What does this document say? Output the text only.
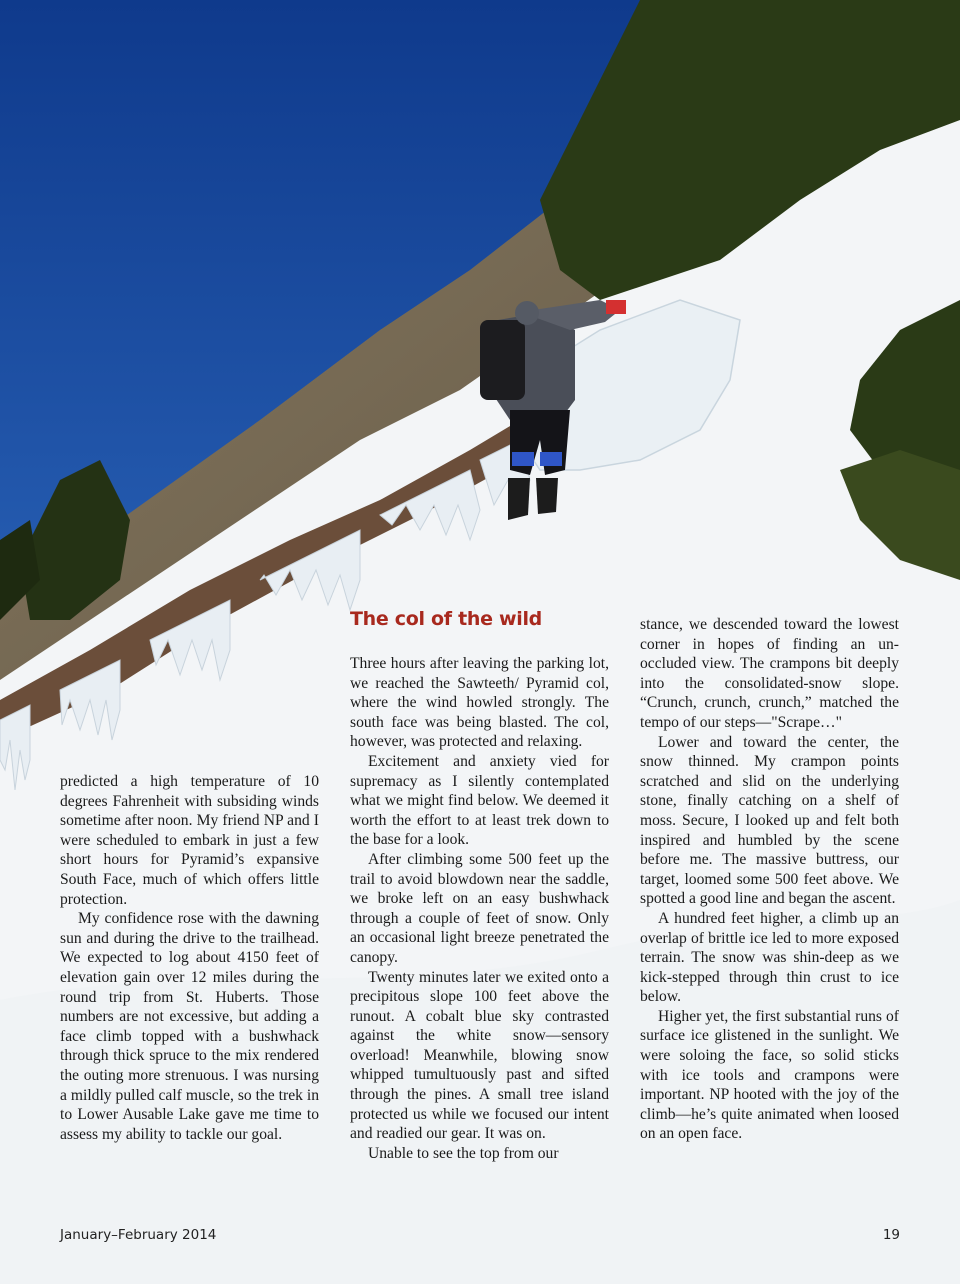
predicted a high temperature of 10 degrees Fahrenheit with subsiding winds sometime after noon. My friend NP and I were scheduled to embark in just a few short hours for Pyramid’s expansive South Face, much of which offers little protection.

My confidence rose with the dawning sun and during the drive to the trailhead. We expected to log about 4150 feet of elevation gain over 12 miles during the round trip from St. Huberts. Those numbers are not excessive, but adding a face climb topped with a bushwhack through thick spruce to the mix rendered the outing more strenuous. I was nursing a mildly pulled calf muscle, so the trek in to Lower Ausable Lake gave me time to assess my ability to tackle our goal.

The col of the wild

Three hours after leaving the parking lot, we reached the Sawteeth/ Pyramid col, where the wind howled strongly. The south face was being blasted. The col, however, was protected and relaxing.

Excitement and anxiety vied for supremacy as I silently contemplated what we might find below. We deemed it worth the effort to at least trek down to the base for a look.

After climbing some 500 feet up the trail to avoid blowdown near the saddle, we broke left on an easy bushwhack through a couple of feet of snow. Only an occasional light breeze penetrated the canopy.

Twenty minutes later we exited onto a precipitous slope 100 feet above the runout. A cobalt blue sky contrasted against the white snow—sensory overload! Meanwhile, blowing snow whipped tumultuously past and sifted through the pines. A small tree island protected us while we focused our intent and readied our gear. It was on.

Unable to see the top from our

stance, we descended toward the lowest corner in hopes of finding an un-occluded view. The crampons bit deeply into the consolidated-snow slope. “Crunch, crunch, crunch,” matched the tempo of our steps—"Scrape…"

Lower and toward the center, the snow thinned. My crampon points scratched and slid on the underlying stone, finally catching on a shelf of moss. Secure, I looked up and felt both inspired and humbled by the scene before me. The massive buttress, our target, loomed some 500 feet above. We spotted a good line and began the ascent.

A hundred feet higher, a climb up an overlap of brittle ice led to more exposed terrain. The snow was shin-deep as we kick-stepped through thin crust to ice below.

Higher yet, the first substantial runs of surface ice glistened in the sunlight. We were soloing the face, so solid sticks with ice tools and crampons were important. NP hooted with the joy of the climb—he’s quite animated when loosed on an open face.

January–February 2014	19
